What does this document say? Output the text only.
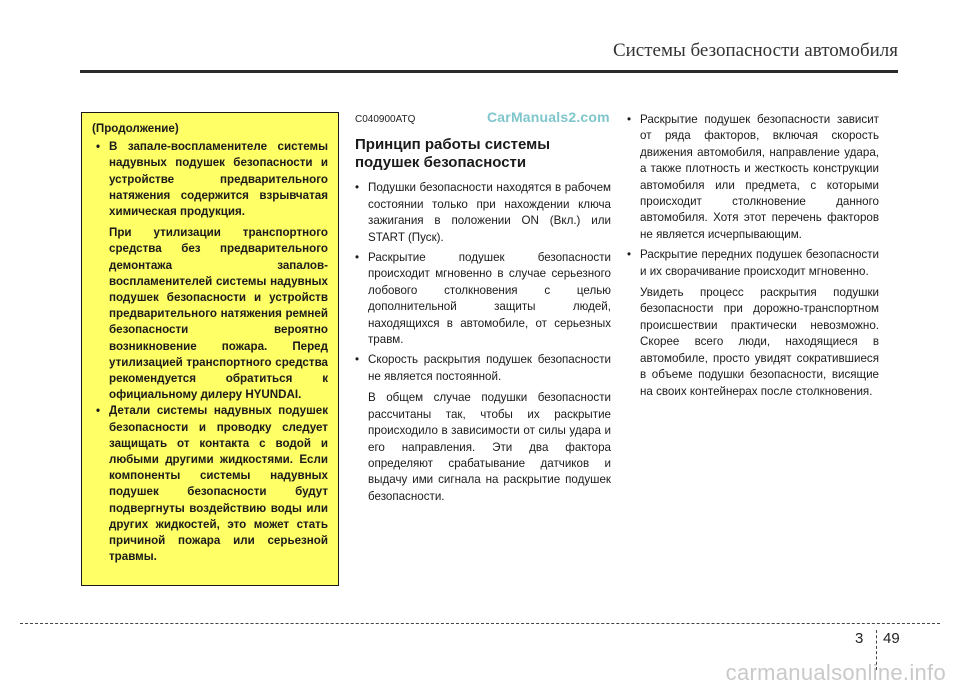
Системы безопасности автомобиля
(Продолжение)

• В запале-воспламенителе системы надувных подушек безопасности и устройстве предварительного натяжения содержится взрывчатая химическая продукция.

При утилизации транспортного средства без предварительного демонтажа запалов-воспламенителей системы надувных подушек безопасности и устройств предварительного натяжения ремней безопасности вероятно возникновение пожара. Перед утилизацией транспортного средства рекомендуется обратиться к официальному дилеру HYUNDAI.

• Детали системы надувных подушек безопасности и проводку следует защищать от контакта с водой и любыми другими жидкостями. Если компоненты системы надувных подушек безопасности будут подвергнуты воздействию воды или других жидкостей, это может стать причиной пожара или серьезной травмы.

CarManuals2.com
C040900ATQ
Принцип работы системы подушек безопасности

• Подушки безопасности находятся в рабочем состоянии только при нахождении ключа зажигания в положении ON (Вкл.) или START (Пуск).

• Раскрытие подушек безопасности происходит мгновенно в случае серьезного лобового столкновения с целью дополнительной защиты людей, находящихся в автомобиле, от серьезных травм.

• Скорость раскрытия подушек безопасности не является постоянной.

В общем случае подушки безопасности рассчитаны так, чтобы их раскрытие происходило в зависимости от силы удара и его направления. Эти два фактора определяют срабатывание датчиков и выдачу ими сигнала на раскрытие подушек безопасности.

• Раскрытие подушек безопасности зависит от ряда факторов, включая скорость движения автомобиля, направление удара, а также плотность и жесткость конструкции автомобиля или предмета, с которыми происходит столкновение данного автомобиля. Хотя этот перечень факторов не является исчерпывающим.

• Раскрытие передних подушек безопасности и их сворачивание происходит мгновенно.

Увидеть процесс раскрытия подушки безопасности при дорожно-транспортном происшествии практически невозможно. Скорее всего люди, находящиеся в автомобиле, просто увидят сократившиеся в объеме подушки безопасности, висящие на своих контейнерах после столкновения.

3 49
carmanualsonline.info
